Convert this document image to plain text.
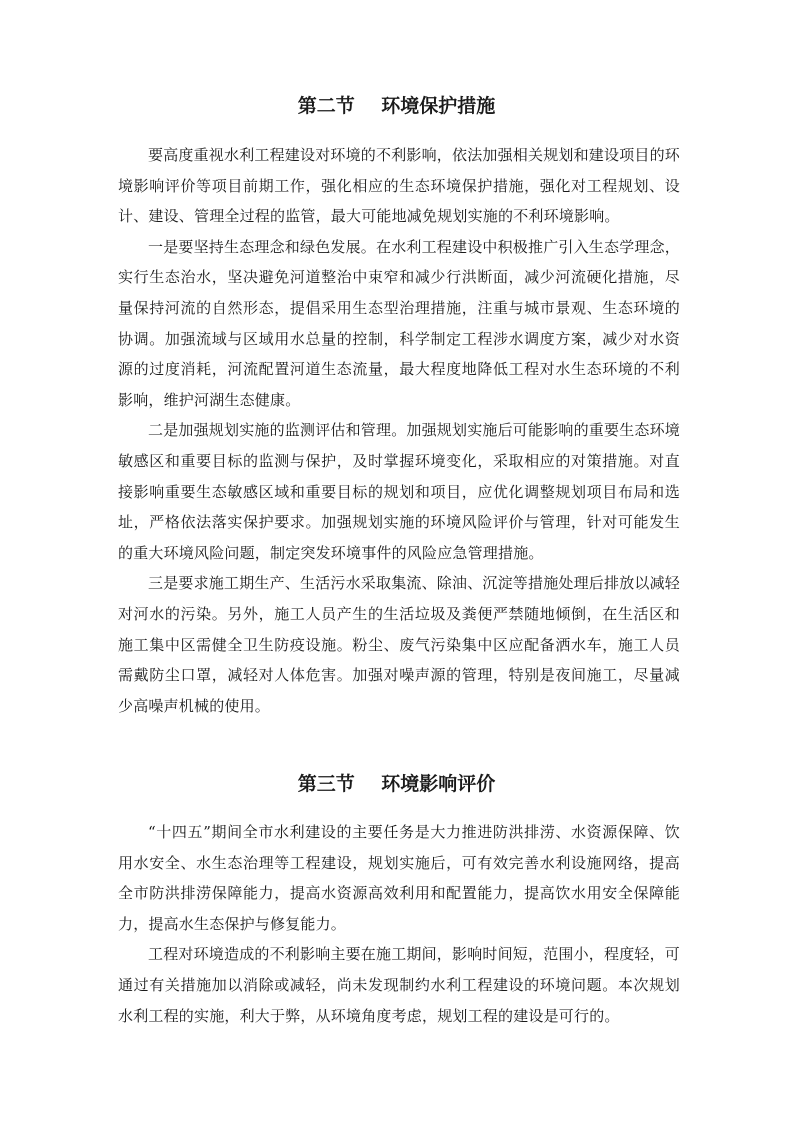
第二节    环境保护措施

要高度重视水利工程建设对环境的不利影响，依法加强相关规划和建设项目的环境影响评价等项目前期工作，强化相应的生态环境保护措施，强化对工程规划、设计、建设、管理全过程的监管，最大可能地减免规划实施的不利环境影响。

一是要坚持生态理念和绿色发展。在水利工程建设中积极推广引入生态学理念，实行生态治水，坚决避免河道整治中束窄和减少行洪断面，减少河流硬化措施，尽量保持河流的自然形态，提倡采用生态型治理措施，注重与城市景观、生态环境的协调。加强流域与区域用水总量的控制，科学制定工程涉水调度方案，减少对水资源的过度消耗，河流配置河道生态流量，最大程度地降低工程对水生态环境的不利影响，维护河湖生态健康。

二是加强规划实施的监测评估和管理。加强规划实施后可能影响的重要生态环境敏感区和重要目标的监测与保护，及时掌握环境变化，采取相应的对策措施。对直接影响重要生态敏感区域和重要目标的规划和项目，应优化调整规划项目布局和选址，严格依法落实保护要求。加强规划实施的环境风险评价与管理，针对可能发生的重大环境风险问题，制定突发环境事件的风险应急管理措施。

三是要求施工期生产、生活污水采取集流、除油、沉淀等措施处理后排放以减轻对河水的污染。另外，施工人员产生的生活垃圾及粪便严禁随地倾倒，在生活区和施工集中区需健全卫生防疫设施。粉尘、废气污染集中区应配备洒水车，施工人员需戴防尘口罩，减轻对人体危害。加强对噪声源的管理，特别是夜间施工，尽量减少高噪声机械的使用。

第三节    环境影响评价

“十四五”期间全市水利建设的主要任务是大力推进防洪排涝、水资源保障、饮用水安全、水生态治理等工程建设，规划实施后，可有效完善水利设施网络，提高全市防洪排涝保障能力，提高水资源高效利用和配置能力，提高饮水用安全保障能力，提高水生态保护与修复能力。

工程对环境造成的不利影响主要在施工期间，影响时间短，范围小，程度轻，可通过有关措施加以消除或减轻，尚未发现制约水利工程建设的环境问题。本次规划水利工程的实施，利大于弊，从环境角度考虑，规划工程的建设是可行的。
